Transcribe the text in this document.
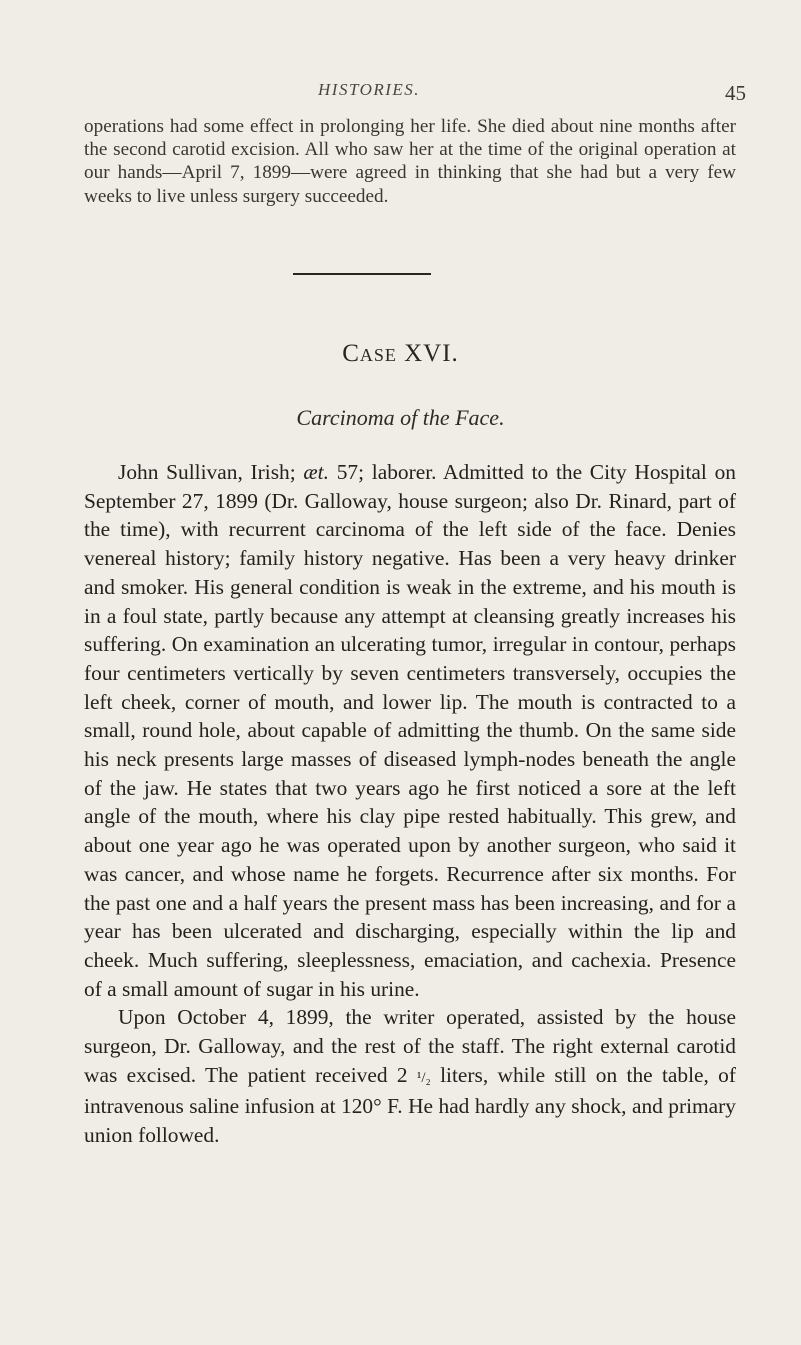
HISTORIES.	45

operations had some effect in prolonging her life. She died about nine months after the second carotid excision. All who saw her at the time of the original operation at our hands—April 7, 1899—were agreed in thinking that she had but a very few weeks to live unless surgery succeeded.

Case XVI.
Carcinoma of the Face.

John Sullivan, Irish; æt. 57; laborer. Admitted to the City Hospital on September 27, 1899 (Dr. Galloway, house surgeon; also Dr. Rinard, part of the time), with recurrent carcinoma of the left side of the face. Denies venereal history; family history negative. Has been a very heavy drinker and smoker. His general condition is weak in the extreme, and his mouth is in a foul state, partly because any attempt at cleansing greatly increases his suffering. On examination an ulcerating tumor, irregular in contour, perhaps four centimeters vertically by seven centimeters transversely, occupies the left cheek, corner of mouth, and lower lip. The mouth is contracted to a small, round hole, about capable of admitting the thumb. On the same side his neck presents large masses of diseased lymph-nodes beneath the angle of the jaw. He states that two years ago he first noticed a sore at the left angle of the mouth, where his clay pipe rested habitually. This grew, and about one year ago he was operated upon by another surgeon, who said it was cancer, and whose name he forgets. Recurrence after six months. For the past one and a half years the present mass has been increasing, and for a year has been ulcerated and discharging, especially within the lip and cheek. Much suffering, sleeplessness, emaciation, and cachexia. Presence of a small amount of sugar in his urine.

Upon October 4, 1899, the writer operated, assisted by the house surgeon, Dr. Galloway, and the rest of the staff. The right external carotid was excised. The patient received 2 ¹/₂ liters, while still on the table, of intravenous saline infusion at 120° F. He had hardly any shock, and primary union followed.
